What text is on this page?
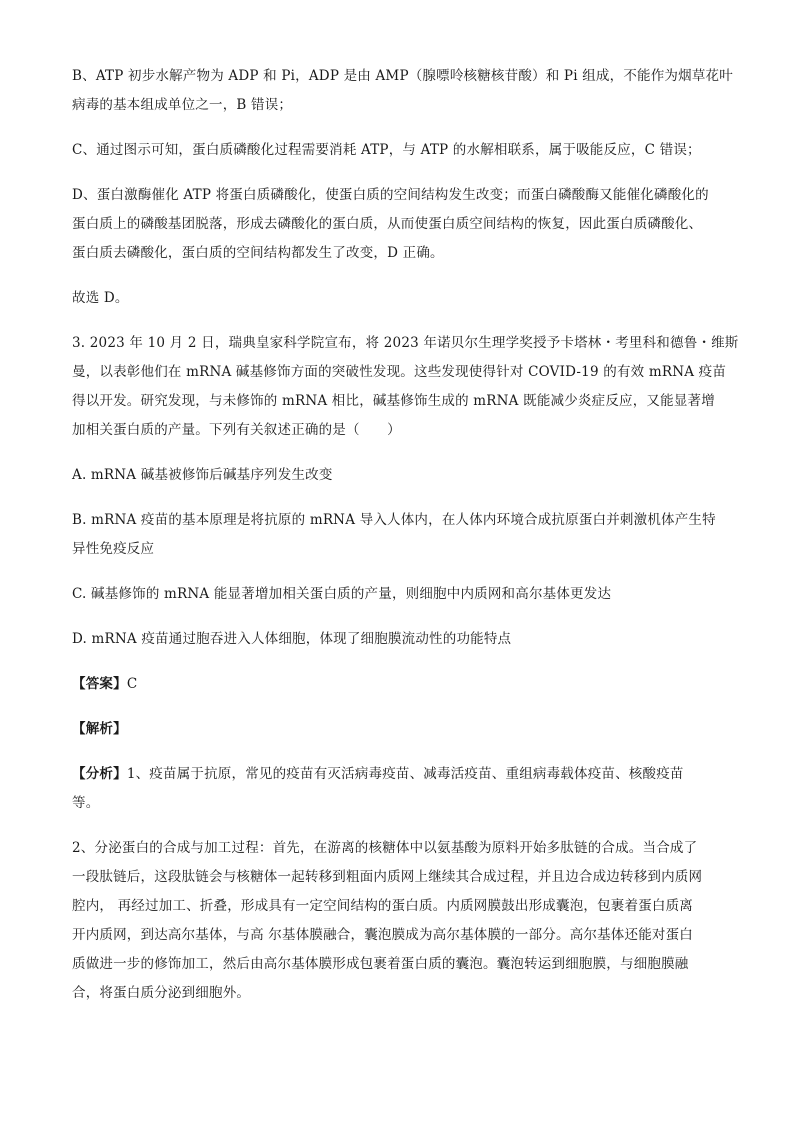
B、ATP 初步水解产物为 ADP 和 Pi，ADP 是由 AMP（腺嘌呤核糖核苷酸）和 Pi 组成，不能作为烟草花叶
病毒的基本组成单位之一，B 错误；

C、通过图示可知，蛋白质磷酸化过程需要消耗 ATP，与 ATP 的水解相联系，属于吸能反应，C 错误；

D、蛋白激酶催化 ATP 将蛋白质磷酸化，使蛋白质的空间结构发生改变；而蛋白磷酸酶又能催化磷酸化的
蛋白质上的磷酸基团脱落，形成去磷酸化的蛋白质，从而使蛋白质空间结构的恢复，因此蛋白质磷酸化、
蛋白质去磷酸化，蛋白质的空间结构都发生了改变，D 正确。

故选 D。

3. 2023 年 10 月 2 日，瑞典皇家科学院宣布，将 2023 年诺贝尔生理学奖授予卡塔林・考里科和德鲁・维斯
曼，以表彰他们在 mRNA 碱基修饰方面的突破性发现。这些发现使得针对 COVID-19 的有效 mRNA 疫苗
得以开发。研究发现，与未修饰的 mRNA 相比，碱基修饰生成的 mRNA 既能减少炎症反应，又能显著增
加相关蛋白质的产量。下列有关叙述正确的是（　　）

A. mRNA 碱基被修饰后碱基序列发生改变

B. mRNA 疫苗的基本原理是将抗原的 mRNA 导入人体内，在人体内环境合成抗原蛋白并刺激机体产生特
异性免疫反应

C. 碱基修饰的 mRNA 能显著增加相关蛋白质的产量，则细胞中内质网和高尔基体更发达

D. mRNA 疫苗通过胞吞进入人体细胞，体现了细胞膜流动性的功能特点

【答案】C

【解析】

【分析】1、疫苗属于抗原，常见的疫苗有灭活病毒疫苗、减毒活疫苗、重组病毒载体疫苗、核酸疫苗
等。

2、分泌蛋白的合成与加工过程：首先，在游离的核糖体中以氨基酸为原料开始多肽链的合成。当合成了
一段肽链后，这段肽链会与核糖体一起转移到粗面内质网上继续其合成过程，并且边合成边转移到内质网
腔内， 再经过加工、折叠，形成具有一定空间结构的蛋白质。内质网膜鼓出形成囊泡，包裹着蛋白质离
开内质网，到达高尔基体，与高 尔基体膜融合，囊泡膜成为高尔基体膜的一部分。高尔基体还能对蛋白
质做进一步的修饰加工，然后由高尔基体膜形成包裹着蛋白质的囊泡。囊泡转运到细胞膜，与细胞膜融
合，将蛋白质分泌到细胞外。
